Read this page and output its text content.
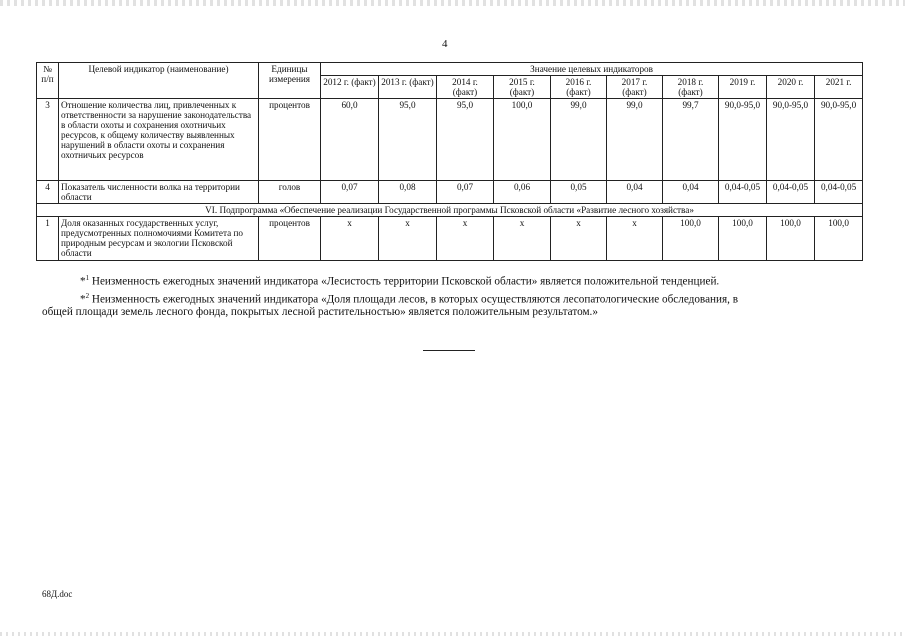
4
№ п/п	Целевой индикатор (наименование)	Единицы измерения	Значение целевых индикаторов									
			2012 г. (факт)	2013 г. (факт)	2014 г. (факт)	2015 г. (факт)	2016 г. (факт)	2017 г. (факт)	2018 г. (факт)	2019 г.	2020 г.	2021 г.
3	Отношение количества лиц, привлеченных к ответственности за нарушение законодательства в области охоты и сохранения охотничьих ресурсов, к общему количеству выявленных нарушений в области охоты и сохранения охотничьих ресурсов	процентов	60,0	95,0	95,0	100,0	99,0	99,0	99,7	90,0-95,0	90,0-95,0	90,0-95,0
4	Показатель численности волка на территории области	голов	0,07	0,08	0,07	0,06	0,05	0,04	0,04	0,04-0,05	0,04-0,05	0,04-0,05
VI. Подпрограмма «Обеспечение реализации Государственной программы Псковской области «Развитие лесного хозяйства»												
1	Доля оказанных государственных услуг, предусмотренных полномочиями Комитета по природным ресурсам и экологии Псковской области	процентов	х	х	х	х	х	х	100,0	100,0	100,0	100,0
*$^1$ Неизменность ежегодных значений индикатора «Лесистость территории Псковской области» является положительной тенденцией.
*$^2$ Неизменность ежегодных значений индикатора «Доля площади лесов, в которых осуществляются лесопатологические обследования, в
общей площади земель лесного фонда, покрытых лесной растительностью» является положительным результатом.»
68Д.doc
